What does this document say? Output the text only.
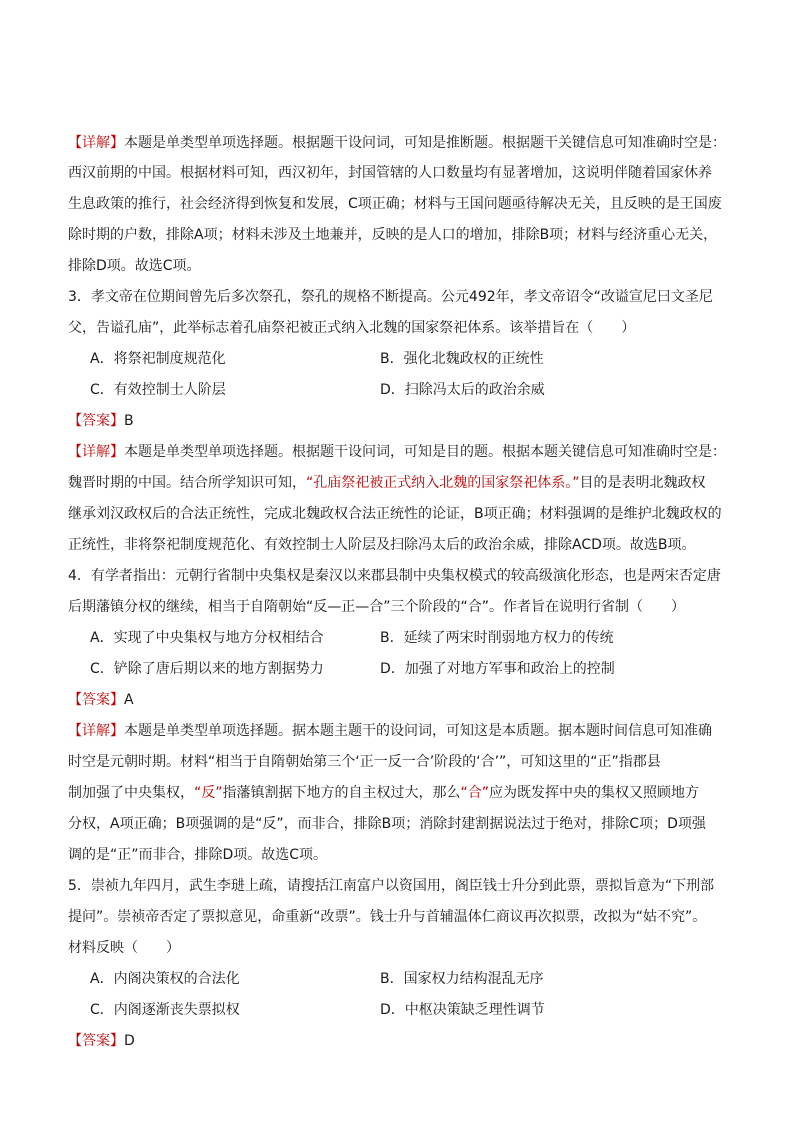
【详解】本题是单类型单项选择题。根据题干设问词，可知是推断题。根据题干关键信息可知准确时空是：
西汉前期的中国。根据材料可知，西汉初年，封国管辖的人口数量均有显著增加，这说明伴随着国家休养
生息政策的推行，社会经济得到恢复和发展，C项正确；材料与王国问题亟待解决无关，且反映的是王国废
除时期的户数，排除A项；材料未涉及土地兼并，反映的是人口的增加，排除B项；材料与经济重心无关，
排除D项。故选C项。
3．孝文帝在位期间曾先后多次祭孔，祭孔的规格不断提高。公元492年，孝文帝诏令“改谥宣尼曰文圣尼
父，告谥孔庙”，此举标志着孔庙祭祀被正式纳入北魏的国家祭祀体系。该举措旨在（　　）
A．将祭祀制度规范化	B．强化北魏政权的正统性
C．有效控制士人阶层	D．扫除冯太后的政治余威
【答案】B
【详解】本题是单类型单项选择题。根据题干设问词，可知是目的题。根据本题关键信息可知准确时空是：
魏晋时期的中国。结合所学知识可知，“孔庙祭祀被正式纳入北魏的国家祭祀体系。”目的是表明北魏政权
继承刘汉政权后的合法正统性，完成北魏政权合法正统性的论证，B项正确；材料强调的是维护北魏政权的
正统性，非将祭祀制度规范化、有效控制士人阶层及扫除冯太后的政治余威，排除ACD项。故选B项。
4．有学者指出：元朝行省制中央集权是秦汉以来郡县制中央集权模式的较高级演化形态，也是两宋否定唐
后期藩镇分权的继续，相当于自隋朝始“反—正—合”三个阶段的“合”。作者旨在说明行省制（　　）
A．实现了中央集权与地方分权相结合	B．延续了两宋时削弱地方权力的传统
C．铲除了唐后期以来的地方割据势力	D．加强了对地方军事和政治上的控制
【答案】A
【详解】本题是单类型单项选择题。据本题主题干的设问词，可知这是本质题。据本题时间信息可知准确
时空是元朝时期。材料“相当于自隋朝始第三个‘正一反一合’阶段的‘合’”，可知这里的“正”指郡县
制加强了中央集权，“反”指藩镇割据下地方的自主权过大，那么“合”应为既发挥中央的集权又照顾地方
分权，A项正确；B项强调的是“反”，而非合，排除B项；消除封建割据说法过于绝对，排除C项；D项强
调的是“正”而非合，排除D项。故选C项。
5．崇祯九年四月，武生李琎上疏，请搜括江南富户以资国用，阁臣钱士升分到此票，票拟旨意为“下刑部
提问”。崇祯帝否定了票拟意见，命重新“改票”。钱士升与首辅温体仁商议再次拟票，改拟为“姑不究”。
材料反映（　　）
A．内阁决策权的合法化	B．国家权力结构混乱无序
C．内阁逐渐丧失票拟权	D．中枢决策缺乏理性调节
【答案】D
